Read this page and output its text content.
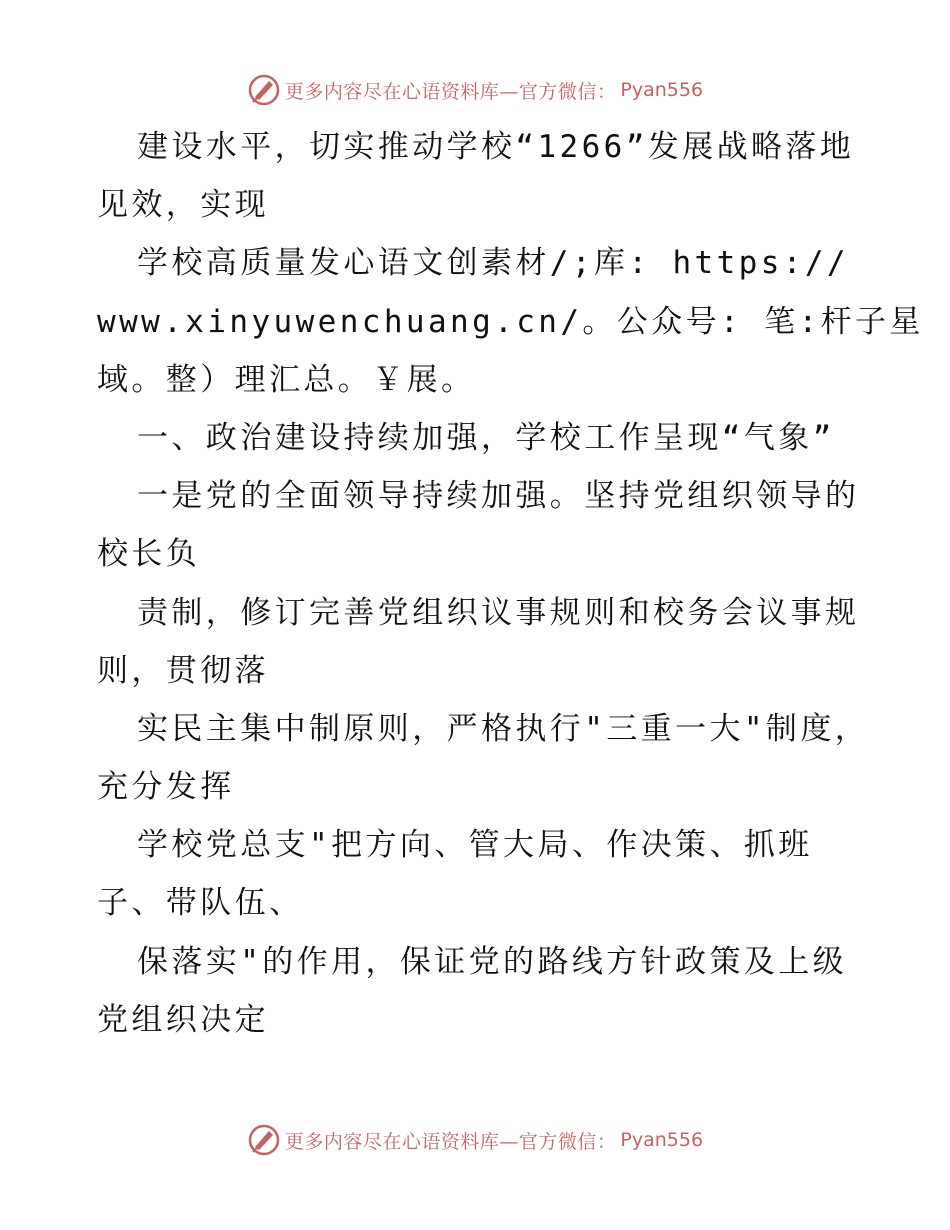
更多内容尽在心语资料库—官方微信： Pyan556
建设水平，切实推动学校“1266”发展战略落地
见效，实现
学校高质量发心语文创素材/;库: https://
www.xinyuwenchuang.cn/。公众号: 笔:杆子星
域。整）理汇总。￥展。
一、政治建设持续加强，学校工作呈现“气象”
一是党的全面领导持续加强。坚持党组织领导的
校长负
责制，修订完善党组织议事规则和校务会议事规
则，贯彻落
实民主集中制原则，严格执行"三重一大"制度，
充分发挥
学校党总支"把方向、管大局、作决策、抓班
子、带队伍、
保落实"的作用，保证党的路线方针政策及上级
党组织决定
更多内容尽在心语资料库—官方微信： Pyan556
